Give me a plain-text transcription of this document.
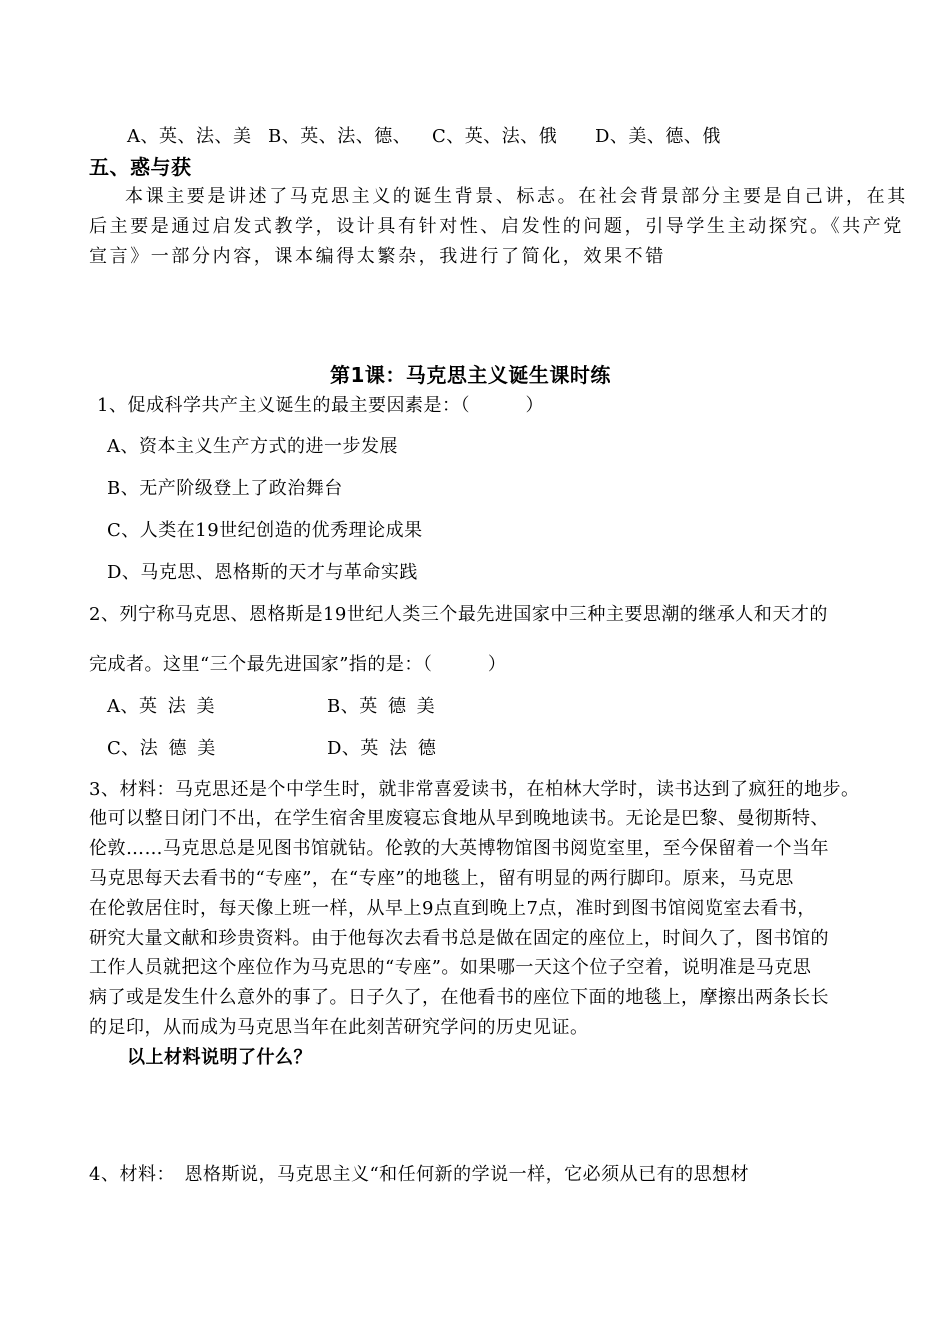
A、英、法、美 B、英、法、德、 C、英、法、俄 D、美、德、俄
五、惑与获
本课主要是讲述了马克思主义的诞生背景、标志。在社会背景部分主要是自己讲，在其
后主要是通过启发式教学，设计具有针对性、启发性的问题，引导学生主动探究。《共产党
宣言》一部分内容，课本编得太繁杂，我进行了简化，效果不错
第1课：马克思主义诞生课时练
1、促成科学共产主义诞生的最主要因素是：（　　　）
A、资本主义生产方式的进一步发展
B、无产阶级登上了政治舞台
C、人类在19世纪创造的优秀理论成果
D、马克思、恩格斯的天才与革命实践
2、列宁称马克思、恩格斯是19世纪人类三个最先进国家中三种主要思潮的继承人和天才的
完成者。这里“三个最先进国家”指的是：（　　　）
A、英 法 美	B、英 德 美
C、法 德 美	D、英 法 德
3、材料：马克思还是个中学生时，就非常喜爱读书，在柏林大学时，读书达到了疯狂的地步。
他可以整日闭门不出，在学生宿舍里废寝忘食地从早到晚地读书。无论是巴黎、曼彻斯特、
伦敦……马克思总是见图书馆就钻。伦敦的大英博物馆图书阅览室里，至今保留着一个当年
马克思每天去看书的“专座”，在“专座”的地毯上，留有明显的两行脚印。原来，马克思
在伦敦居住时，每天像上班一样，从早上9点直到晚上7点，准时到图书馆阅览室去看书，
研究大量文献和珍贵资料。由于他每次去看书总是做在固定的座位上，时间久了，图书馆的
工作人员就把这个座位作为马克思的“专座”。如果哪一天这个位子空着，说明准是马克思
病了或是发生什么意外的事了。日子久了，在他看书的座位下面的地毯上，摩擦出两条长长
的足印，从而成为马克思当年在此刻苦研究学问的历史见证。
以上材料说明了什么？
4、材料：　恩格斯说，马克思主义“和任何新的学说一样，它必须从已有的思想材
